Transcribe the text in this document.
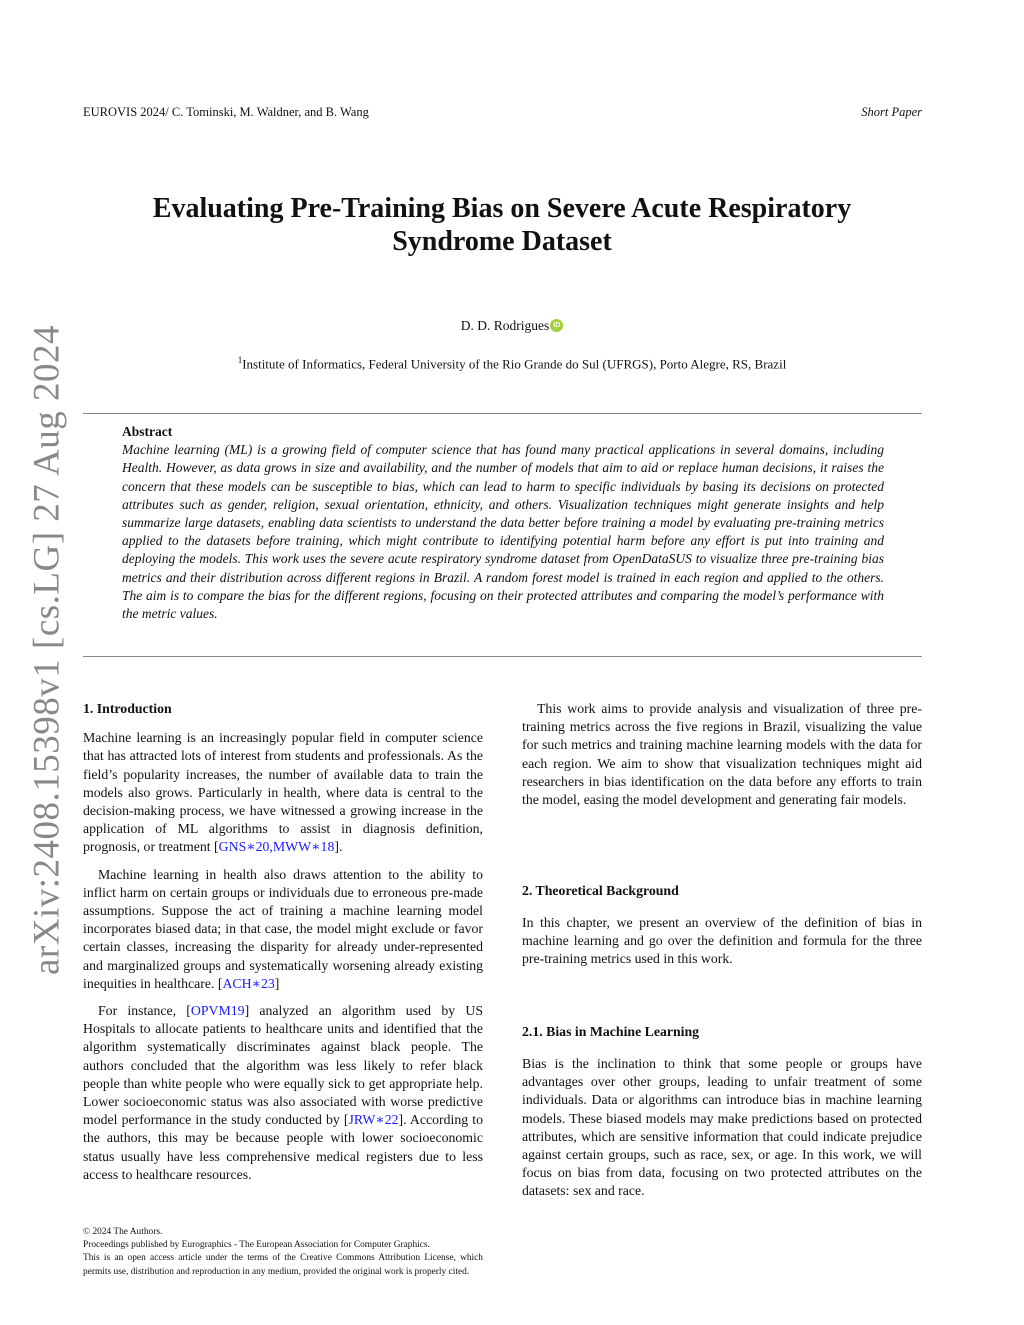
EUROVIS 2024/ C. Tominski, M. Waldner, and B. Wang	Short Paper
Evaluating Pre-Training Bias on Severe Acute Respiratory
Syndrome Dataset
D. D. Rodrigues iD
$^1$Institute of Informatics, Federal University of the Rio Grande do Sul (UFRGS), Porto Alegre, RS, Brazil
Abstract
Machine learning (ML) is a growing field of computer science that has found many practical applications in several domains, including Health. However, as data grows in size and availability, and the number of models that aim to aid or replace human decisions, it raises the concern that these models can be susceptible to bias, which can lead to harm to specific individuals by basing its decisions on protected attributes such as gender, religion, sexual orientation, ethnicity, and others. Visualization techniques might generate insights and help summarize large datasets, enabling data scientists to understand the data better before training a model by evaluating pre-training metrics applied to the datasets before training, which might contribute to identifying potential harm before any effort is put into training and deploying the models. This work uses the severe acute respiratory syndrome dataset from OpenDataSUS to visualize three pre-training bias metrics and their distribution across different regions in Brazil. A random forest model is trained in each region and applied to the others. The aim is to compare the bias for the different regions, focusing on their protected attributes and comparing the model’s performance with the metric values.
arXiv:2408.15398v1 [cs.LG] 27 Aug 2024 1. Introduction

Machine learning is an increasingly popular field in computer science that has attracted lots of interest from students and professionals. As the field’s popularity increases, the number of available data to train the models also grows. Particularly in health, where data is central to the decision-making process, we have witnessed a growing increase in the application of ML algorithms to assist in diagnosis definition, prognosis, or treatment [GNS∗20,MWW∗18].

Machine learning in health also draws attention to the ability to inflict harm on certain groups or individuals due to erroneous pre-made assumptions. Suppose the act of training a machine learning model incorporates biased data; in that case, the model might exclude or favor certain classes, increasing the disparity for already under-represented and marginalized groups and systematically worsening already existing inequities in healthcare. [ACH∗23]

For instance, [OPVM19] analyzed an algorithm used by US Hospitals to allocate patients to healthcare units and identified that the algorithm systematically discriminates against black people. The authors concluded that the algorithm was less likely to refer black people than white people who were equally sick to get appropriate help. Lower socioeconomic status was also associated with worse predictive model performance in the study conducted by [JRW∗22]. According to the authors, this may be because people with lower socioeconomic status usually have less comprehensive medical registers due to less access to healthcare resources.

This work aims to provide analysis and visualization of three pre-training metrics across the five regions in Brazil, visualizing the value for such metrics and training machine learning models with the data for each region. We aim to show that visualization techniques might aid researchers in bias identification on the data before any efforts to train the model, easing the model development and generating fair models.

2. Theoretical Background

In this chapter, we present an overview of the definition of bias in machine learning and go over the definition and formula for the three pre-training metrics used in this work.

2.1. Bias in Machine Learning

Bias is the inclination to think that some people or groups have advantages over other groups, leading to unfair treatment of some individuals. Data or algorithms can introduce bias in machine learning models. These biased models may make predictions based on protected attributes, which are sensitive information that could indicate prejudice against certain groups, such as race, sex, or age. In this work, we will focus on bias from data, focusing on two protected attributes on the datasets: sex and race.

© 2024 The Authors.
Proceedings published by Eurographics - The European Association for Computer Graphics.
This is an open access article under the terms of the Creative Commons Attribution License, which permits use, distribution and reproduction in any medium, provided the original work is properly cited.
